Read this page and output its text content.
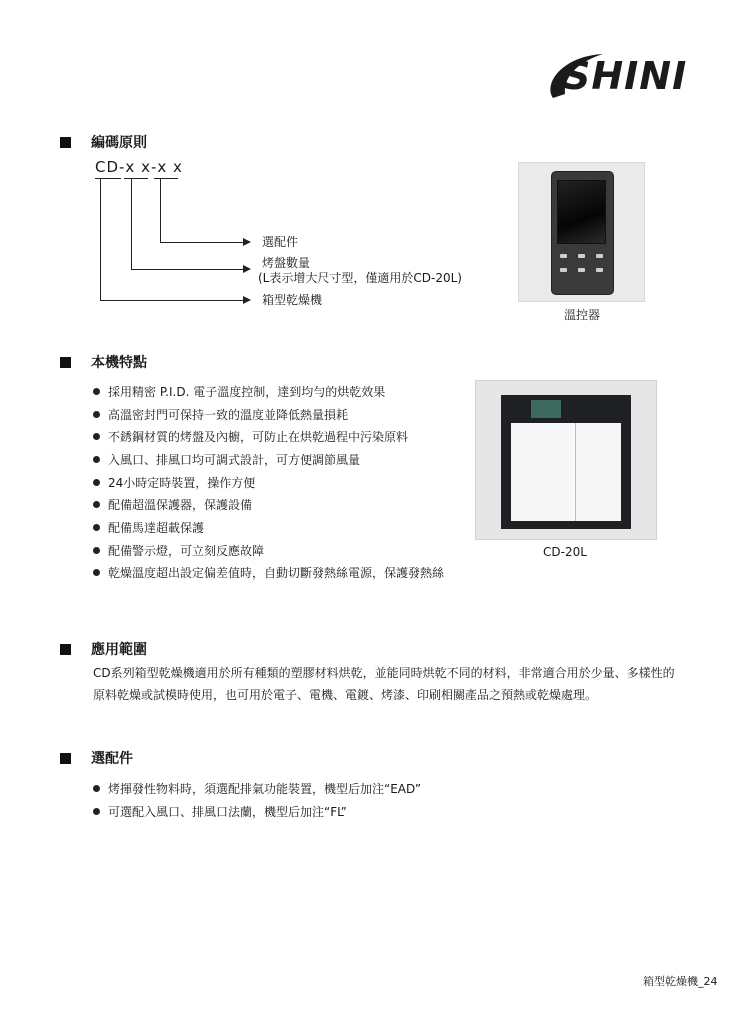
SHINI
編碼原則
CD-x x-x x
選配件
烤盤數量
(L表示增大尺寸型，僅適用於CD-20L)
箱型乾燥機
溫控器
本機特點
採用精密 P.I.D. 電子溫度控制，達到均勻的烘乾效果
高溫密封門可保持一致的溫度並降低熱量損耗
不銹鋼材質的烤盤及內櫥，可防止在烘乾過程中污染原料
入風口、排風口均可調式設計，可方便調節風量
24小時定時裝置，操作方便
配備超溫保護器，保護設備
配備馬達超載保護
配備警示燈，可立刻反應故障
乾燥溫度超出設定偏差值時，自動切斷發熱絲電源，保護發熱絲
CD-20L
應用範圍
CD系列箱型乾燥機適用於所有種類的塑膠材料烘乾，並能同時烘乾不同的材料，非常適合用於少量、多樣性的原料乾燥或試模時使用，也可用於電子、電機、電鍍、烤漆、印刷相關產品之預熱或乾燥處理。
選配件
烤揮發性物料時，須選配排氣功能裝置，機型后加注“EAD”
可選配入風口、排風口法蘭，機型后加注“FL”
箱型乾燥機_24
